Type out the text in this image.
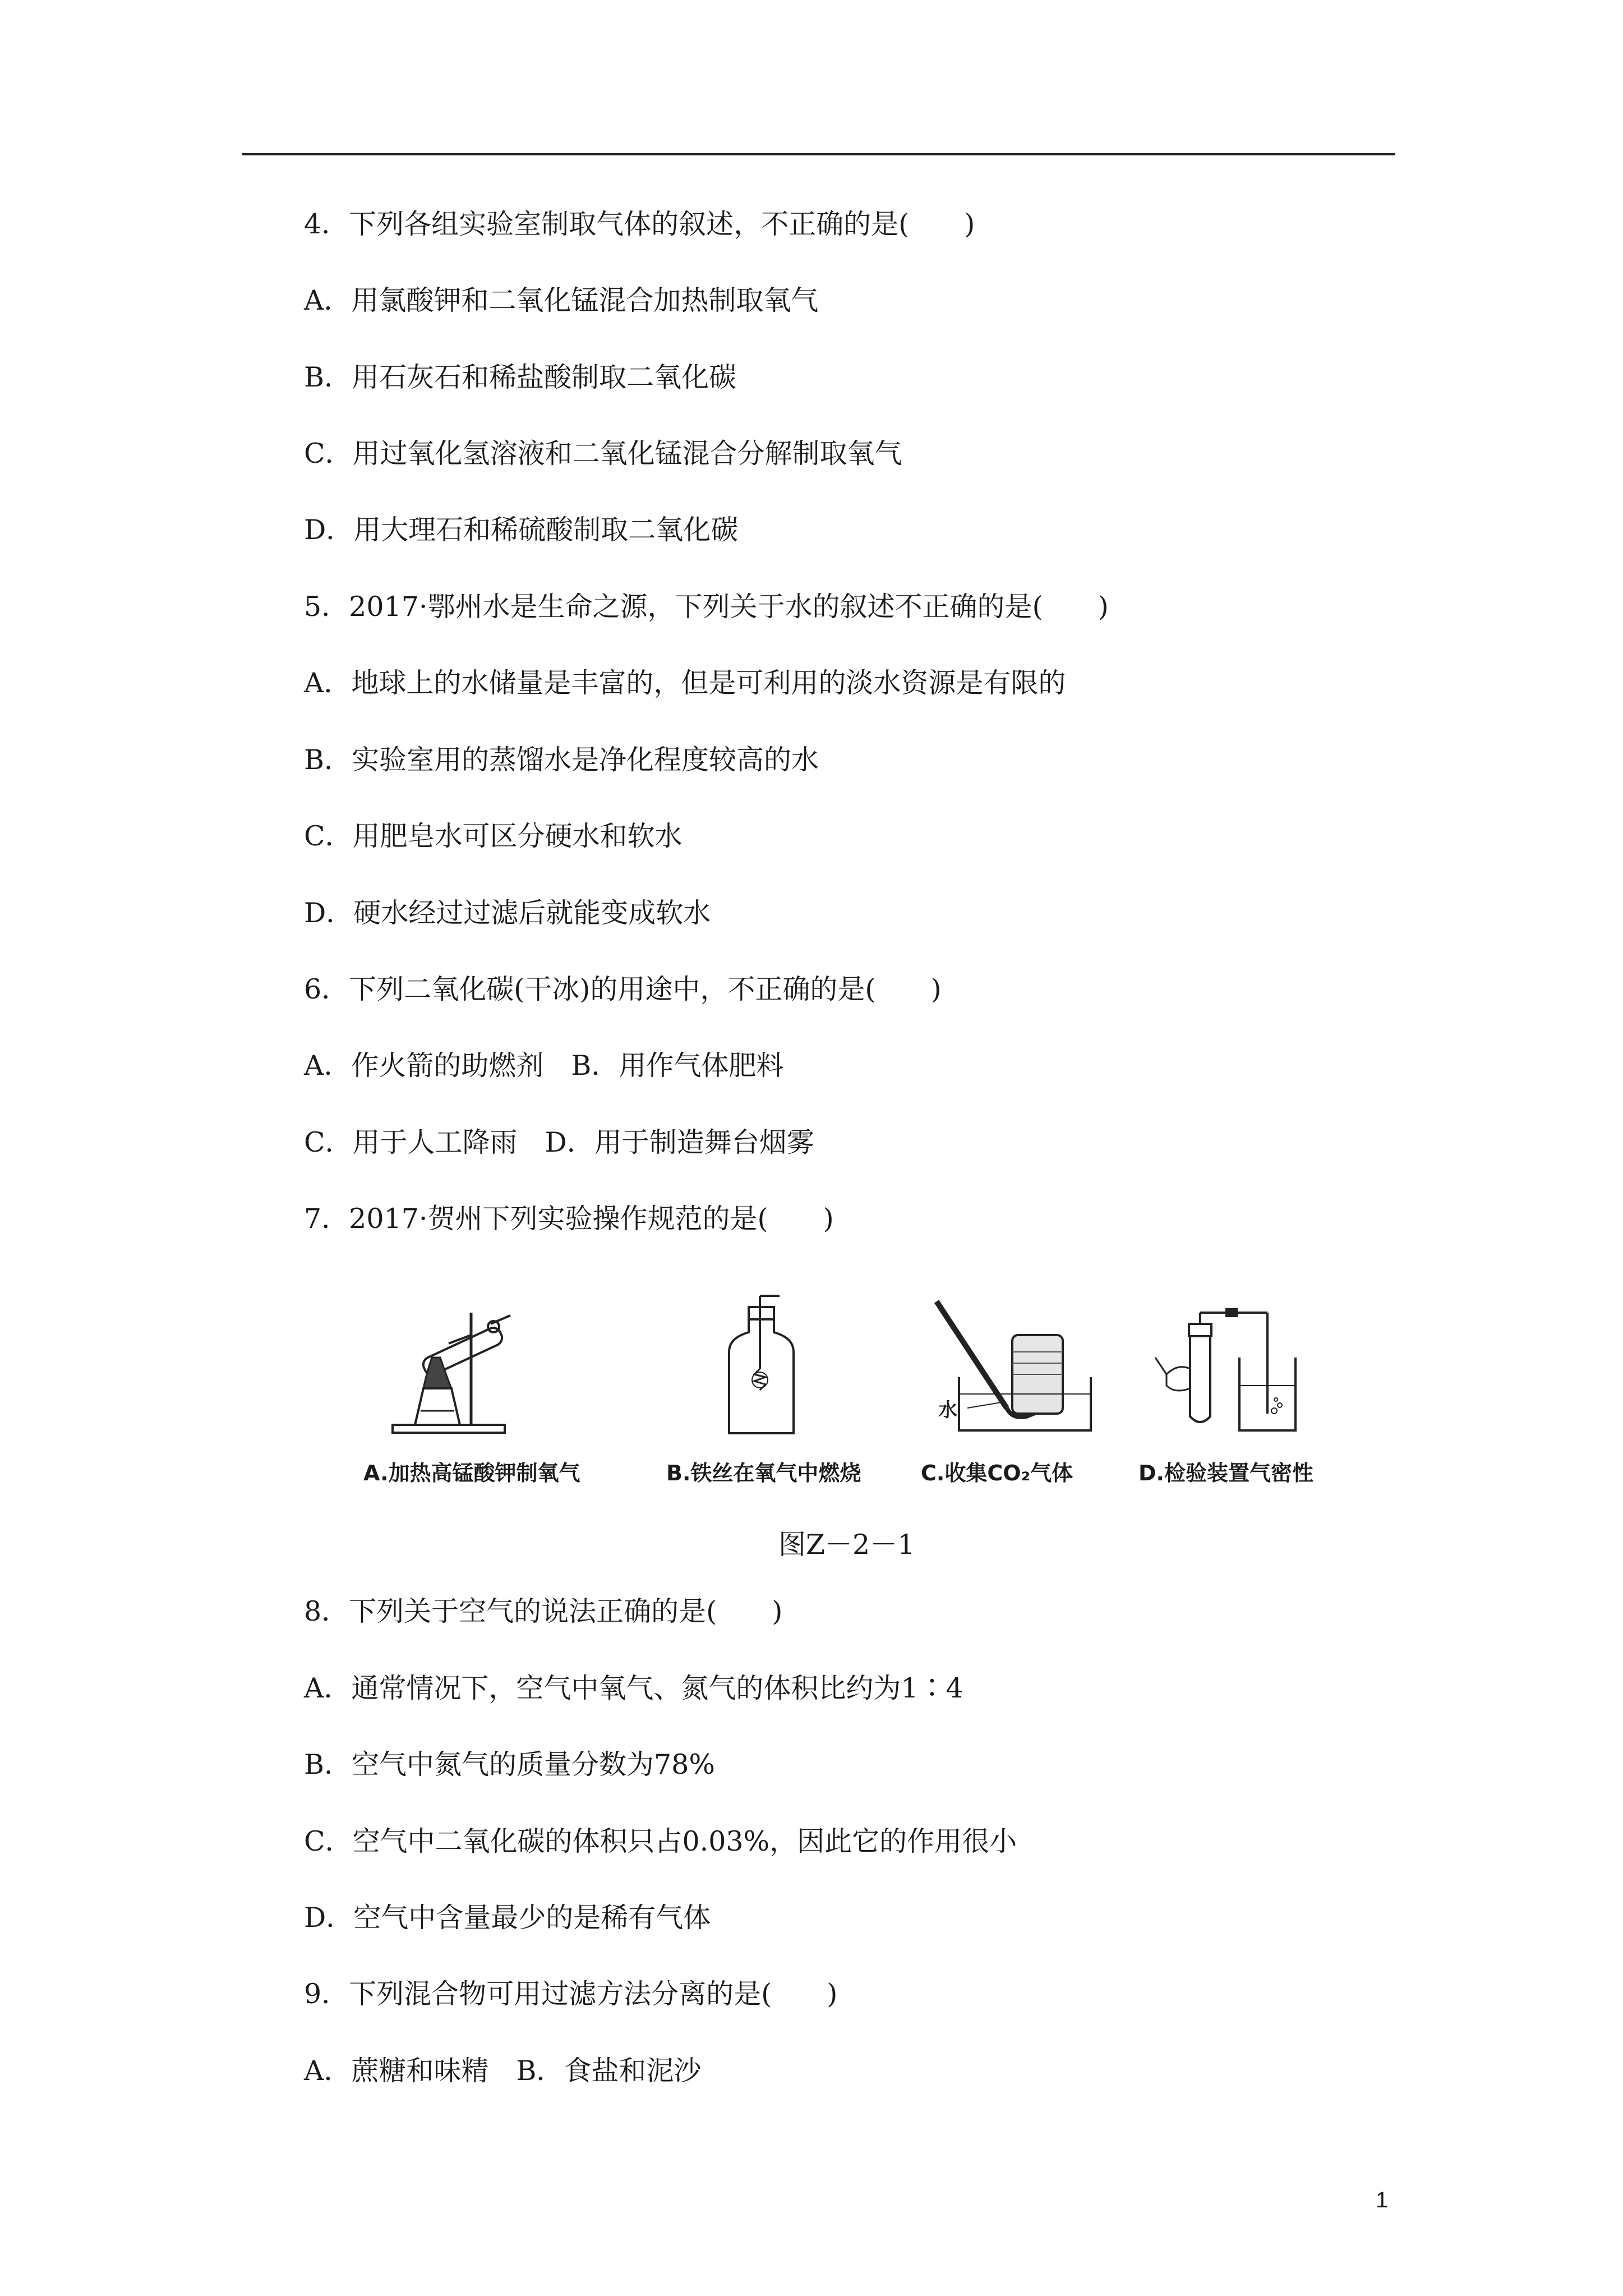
4．下列各组实验室制取气体的叙述，不正确的是(　　)
A．用氯酸钾和二氧化锰混合加热制取氧气
B．用石灰石和稀盐酸制取二氧化碳
C．用过氧化氢溶液和二氧化锰混合分解制取氧气
D．用大理石和稀硫酸制取二氧化碳
5．2017·鄂州水是生命之源，下列关于水的叙述不正确的是(　　)
A．地球上的水储量是丰富的，但是可利用的淡水资源是有限的
B．实验室用的蒸馏水是净化程度较高的水
C．用肥皂水可区分硬水和软水
D．硬水经过过滤后就能变成软水
6．下列二氧化碳(干冰)的用途中，不正确的是(　　)
A．作火箭的助燃剂　B．用作气体肥料
C．用于人工降雨　D．用于制造舞台烟雾
7．2017·贺州下列实验操作规范的是(　　)
A.加热高锰酸钾制氧气	B.铁丝在氧气中燃烧
水
C.收集CO₂气体	D.检验装置气密性
图Z－2－1
8．下列关于空气的说法正确的是(　　)
A．通常情况下，空气中氧气、氮气的体积比约为1∶4
B．空气中氮气的质量分数为78%
C．空气中二氧化碳的体积只占0.03%，因此它的作用很小
D．空气中含量最少的是稀有气体
9．下列混合物可用过滤方法分离的是(　　)
A．蔗糖和味精　B．食盐和泥沙
1
